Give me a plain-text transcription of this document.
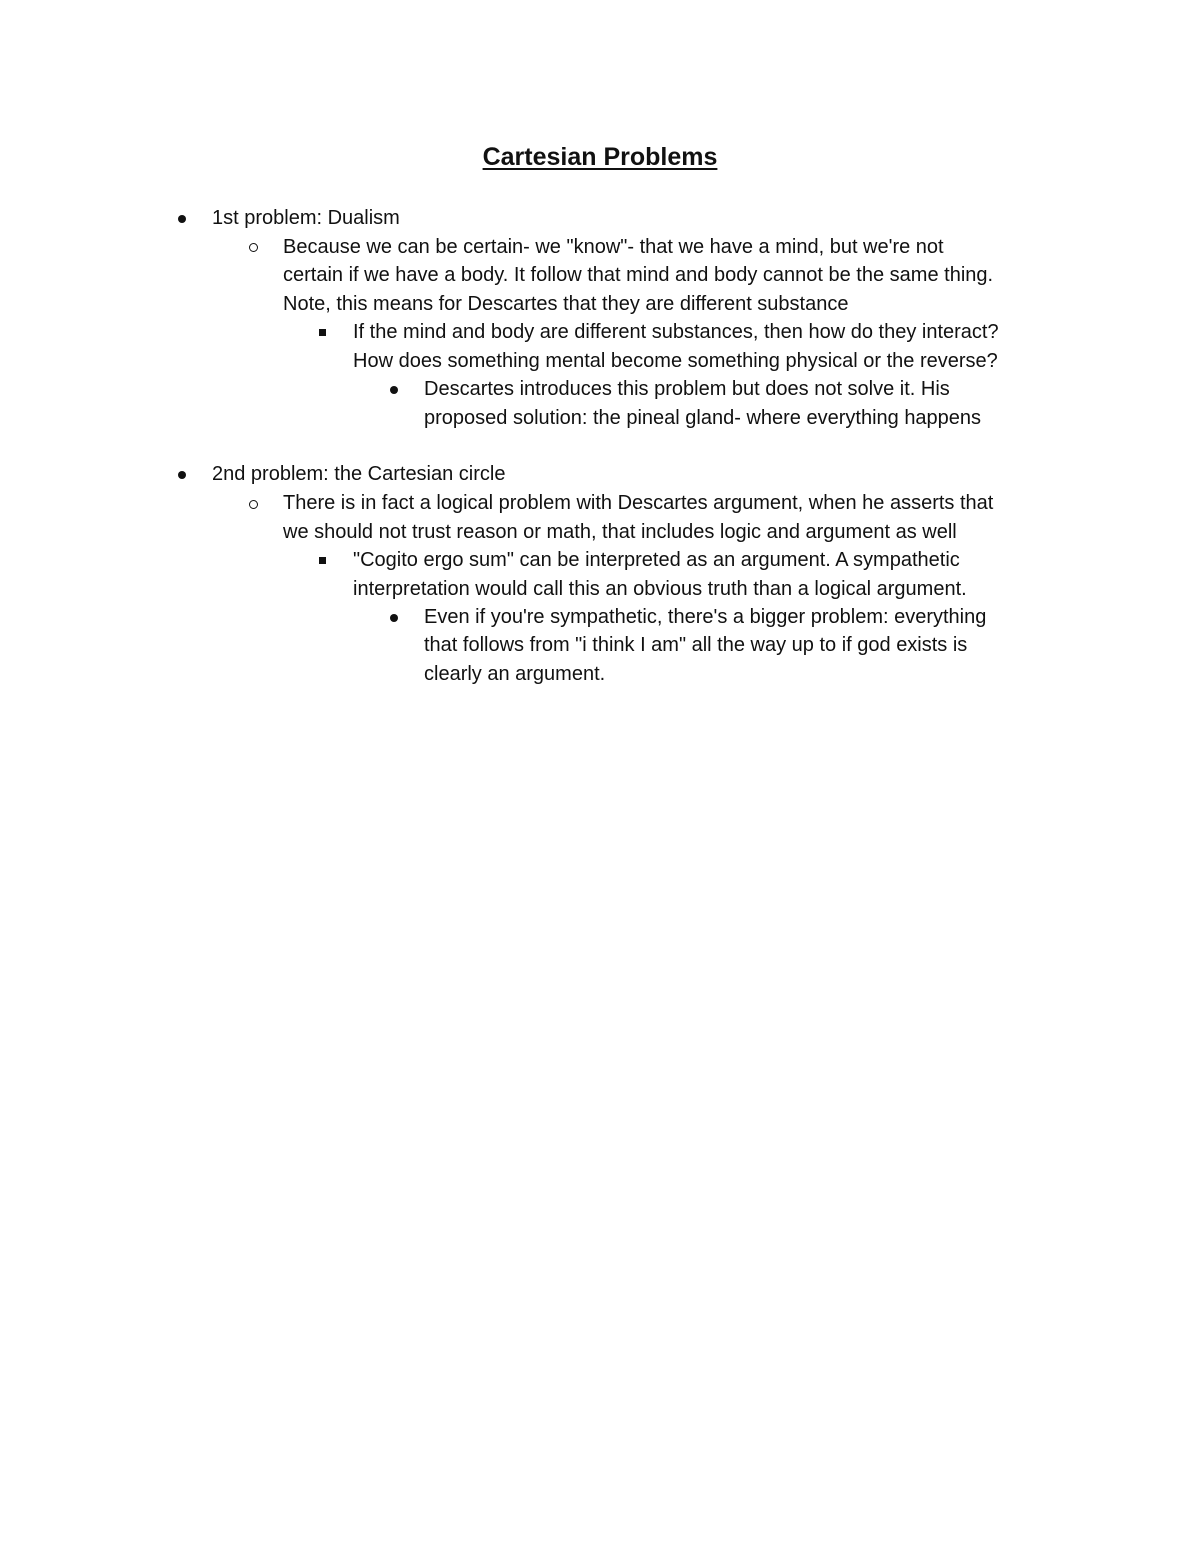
Cartesian Problems
1st problem: Dualism
Because we can be certain- we "know"- that we have a mind, but we're not
certain if we have a body. It follow that mind and body cannot be the same thing.
Note, this means for Descartes that they are different substance
If the mind and body are different substances, then how do they interact?
How does something mental become something physical or the reverse?
Descartes introduces this problem but does not solve it. His
proposed solution: the pineal gland- where everything happens
2nd problem: the Cartesian circle
There is in fact a logical problem with Descartes argument, when he asserts that
we should not trust reason or math, that includes logic and argument as well
"Cogito ergo sum" can be interpreted as an argument. A sympathetic
interpretation would call this an obvious truth than a logical argument.
Even if you're sympathetic, there's a bigger problem: everything
that follows from "i think I am" all the way up to if god exists is
clearly an argument.
